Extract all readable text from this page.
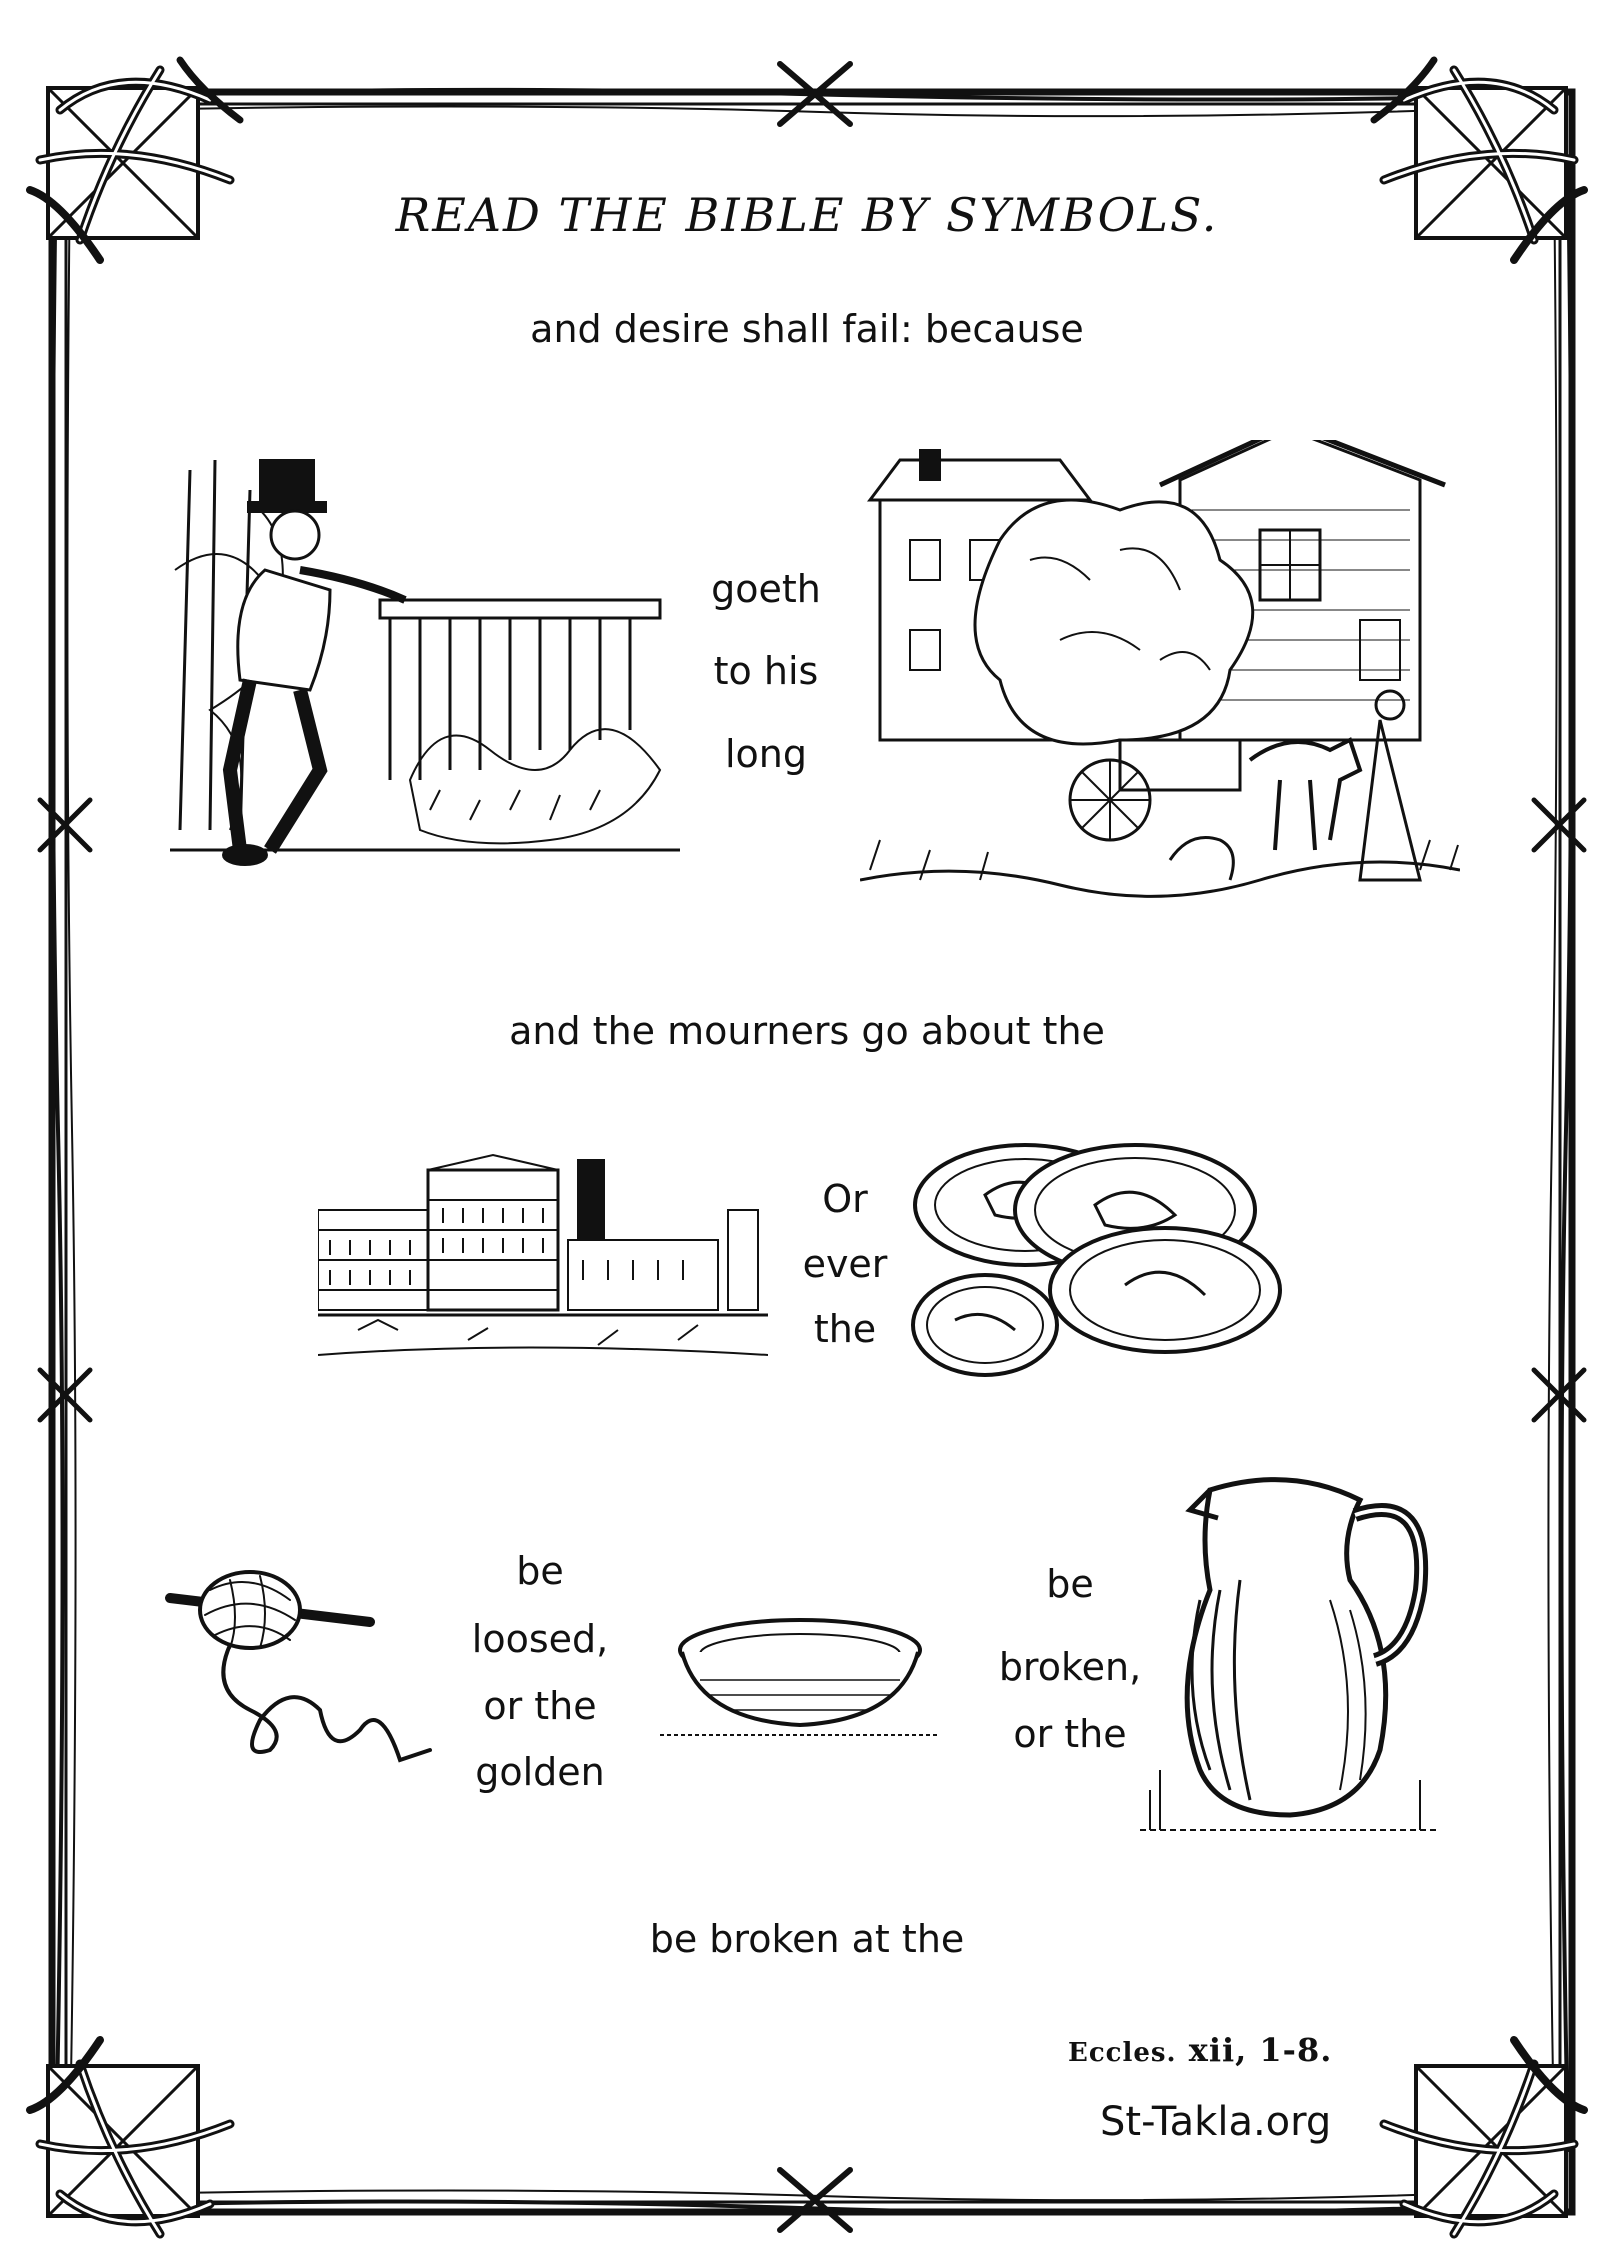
READ THE BIBLE BY SYMBOLS.
and desire shall fail: because
goeth
to his
long
and the mourners go about the
Or
ever
the
be
loosed,
or the
golden
be
broken,
or the
be broken at the
Eccles. xii, 1-8.
St-Takla.org
